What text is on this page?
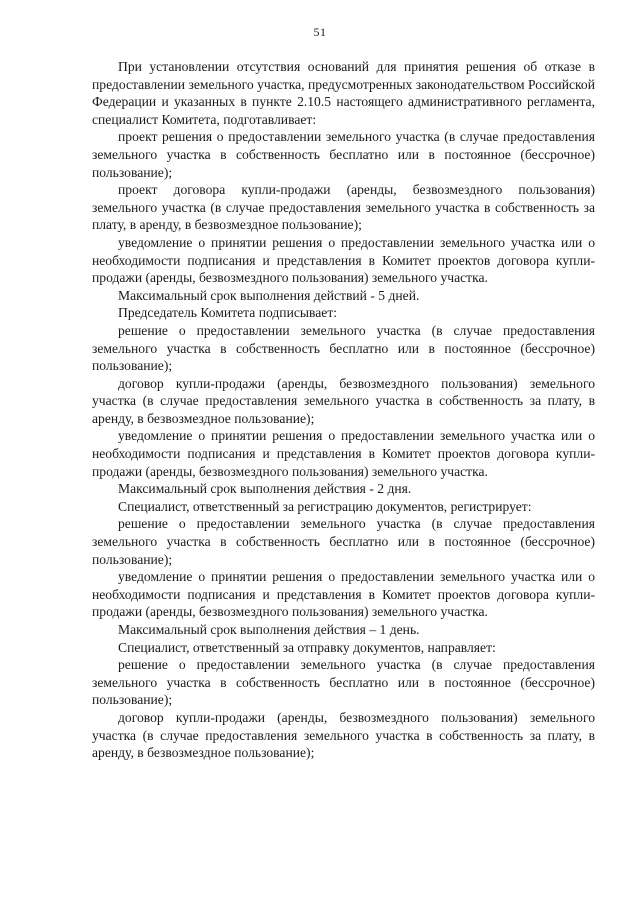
51

При установлении отсутствия оснований для принятия решения об отказе в предоставлении земельного участка, предусмотренных законодательством Российской Федерации и указанных в пункте 2.10.5 настоящего административного регламента, специалист Комитета, подготавливает:

проект решения о предоставлении земельного участка (в случае предоставления земельного участка в собственность бесплатно или в постоянное (бессрочное) пользование);

проект договора купли-продажи (аренды, безвозмездного пользования) земельного участка (в случае предоставления земельного участка в собственность за плату, в аренду, в безвозмездное пользование);

уведомление о принятии решения о предоставлении земельного участка или о необходимости подписания и представления в Комитет проектов договора купли-продажи (аренды, безвозмездного пользования) земельного участка.

Максимальный срок выполнения действий - 5 дней.

Председатель Комитета подписывает:

решение о предоставлении земельного участка (в случае предоставления земельного участка в собственность бесплатно или в постоянное (бессрочное) пользование);

договор купли-продажи (аренды, безвозмездного пользования) земельного участка (в случае предоставления земельного участка в собственность за плату, в аренду, в безвозмездное пользование);

уведомление о принятии решения о предоставлении земельного участка или о необходимости подписания и представления в Комитет проектов договора купли-продажи (аренды, безвозмездного пользования) земельного участка.

Максимальный срок выполнения действия - 2 дня.

Специалист, ответственный за регистрацию документов, регистрирует:

решение о предоставлении земельного участка (в случае предоставления земельного участка в собственность бесплатно или в постоянное (бессрочное) пользование);

уведомление о принятии решения о предоставлении земельного участка или о необходимости подписания и представления в Комитет проектов договора купли-продажи (аренды, безвозмездного пользования) земельного участка.

Максимальный срок выполнения действия – 1 день.

Специалист, ответственный за отправку документов, направляет:

решение о предоставлении земельного участка (в случае предоставления земельного участка в собственность бесплатно или в постоянное (бессрочное) пользование);

договор купли-продажи (аренды, безвозмездного пользования) земельного участка (в случае предоставления земельного участка в собственность за плату, в аренду, в безвозмездное пользование);
